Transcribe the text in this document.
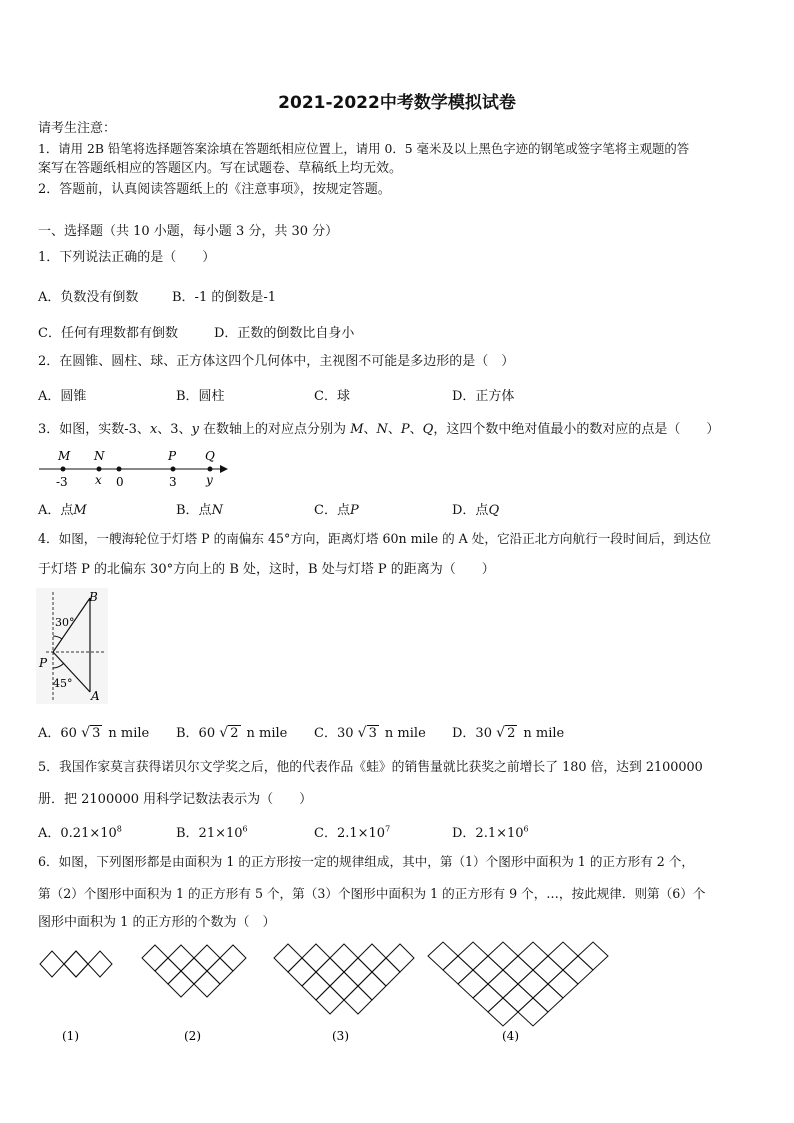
2021-2022中考数学模拟试卷
请考生注意：
1．请用 2B 铅笔将选择题答案涂填在答题纸相应位置上，请用 0．5 毫米及以上黑色字迹的钢笔或签字笔将主观题的答
案写在答题纸相应的答题区内。写在试题卷、草稿纸上均无效。
2．答题前，认真阅读答题纸上的《注意事项》，按规定答题。
一、选择题（共 10 小题，每小题 3 分，共 30 分）
1．下列说法正确的是（　　）
A．负数没有倒数	B．-1 的倒数是-1
C．任何有理数都有倒数	D．正数的倒数比自身小
2．在圆锥、圆柱、球、正方体这四个几何体中，主视图不可能是多边形的是（　）
A．圆锥	B．圆柱	C．球	D．正方体
3．如图，实数-3、x、3、y 在数轴上的对应点分别为 M、N、P、Q，这四个数中绝对值最小的数对应的点是（　　）
M N	P Q
-3 x 0	3 y
A．点M	B．点N	C．点P	D．点Q
4．如图，一艘海轮位于灯塔 P 的南偏东 45°方向，距离灯塔 60n mile 的 A 处，它沿正北方向航行一段时间后，到达位
于灯塔 P 的北偏东 30°方向上的 B 处，这时，B 处与灯塔 P 的距离为（　　）
B
P
A
30°
45°
A．60 √ 3 n mile B．60 √ 2 n mile C．30 √ 3 n mile D．30 √ 2 n mile
5．我国作家莫言获得诺贝尔文学奖之后，他的代表作品《蛙》的销售量就比获奖之前增长了 180 倍，达到 2100000
册．把 2100000 用科学记数法表示为（　　）
A．$0.21\times 10^8$	B．$21\times 10^6$	C．$2.1\times 10^7$	D．$2.1\times 10^6$
6．如图，下列图形都是由面积为 1 的正方形按一定的规律组成，其中，第（1）个图形中面积为 1 的正方形有 2 个，
第（2）个图形中面积为 1 的正方形有 5 个，第（3）个图形中面积为 1 的正方形有 9 个，…，按此规律．则第（6）个
图形中面积为 1 的正方形的个数为（　）
(1)	(2)	(3)	(4)
